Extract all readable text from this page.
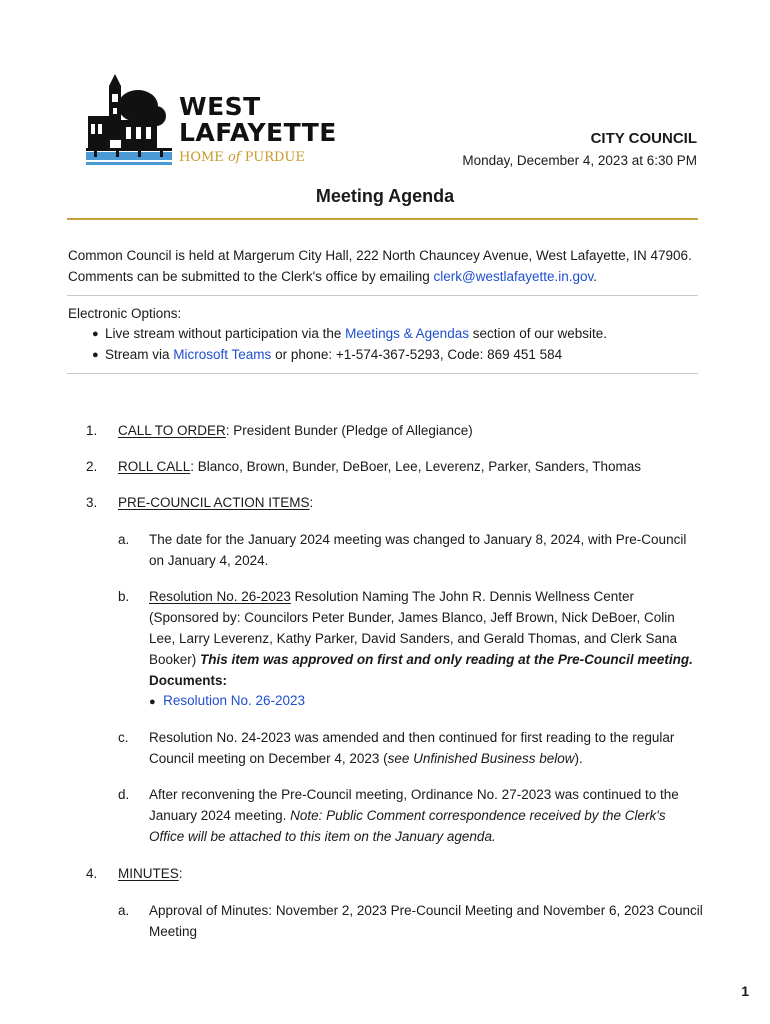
WEST
LAFAYETTE
HOME of PURDUE
CITY COUNCIL
Monday, December 4, 2023 at 6:30 PM
Meeting Agenda
Common Council is held at Margerum City Hall, 222 North Chauncey Avenue, West Lafayette, IN 47906. Comments can be submitted to the Clerk's office by emailing clerk@westlafayette.in.gov.
Electronic Options:
● Live stream without participation via the Meetings & Agendas section of our website.
● Stream via Microsoft Teams or phone: +1-574-367-5293, Code: 869 451 584
1. CALL TO ORDER: President Bunder (Pledge of Allegiance)
2. ROLL CALL: Blanco, Brown, Bunder, DeBoer, Lee, Leverenz, Parker, Sanders, Thomas
3. PRE-COUNCIL ACTION ITEMS:
a. The date for the January 2024 meeting was changed to January 8, 2024, with Pre-Council on January 4, 2024.
b. Resolution No. 26-2023 Resolution Naming The John R. Dennis Wellness Center (Sponsored by: Councilors Peter Bunder, James Blanco, Jeff Brown, Nick DeBoer, Colin Lee, Larry Leverenz, Kathy Parker, David Sanders, and Gerald Thomas, and Clerk Sana Booker) This item was approved on first and only reading at the Pre-Council meeting.
Documents:
● Resolution No. 26-2023
c. Resolution No. 24-2023 was amended and then continued for first reading to the regular Council meeting on December 4, 2023 (see Unfinished Business below).
d. After reconvening the Pre-Council meeting, Ordinance No. 27-2023 was continued to the January 2024 meeting. Note: Public Comment correspondence received by the Clerk's Office will be attached to this item on the January agenda.
4. MINUTES:
a. Approval of Minutes: November 2, 2023 Pre-Council Meeting and November 6, 2023 Council Meeting
1
